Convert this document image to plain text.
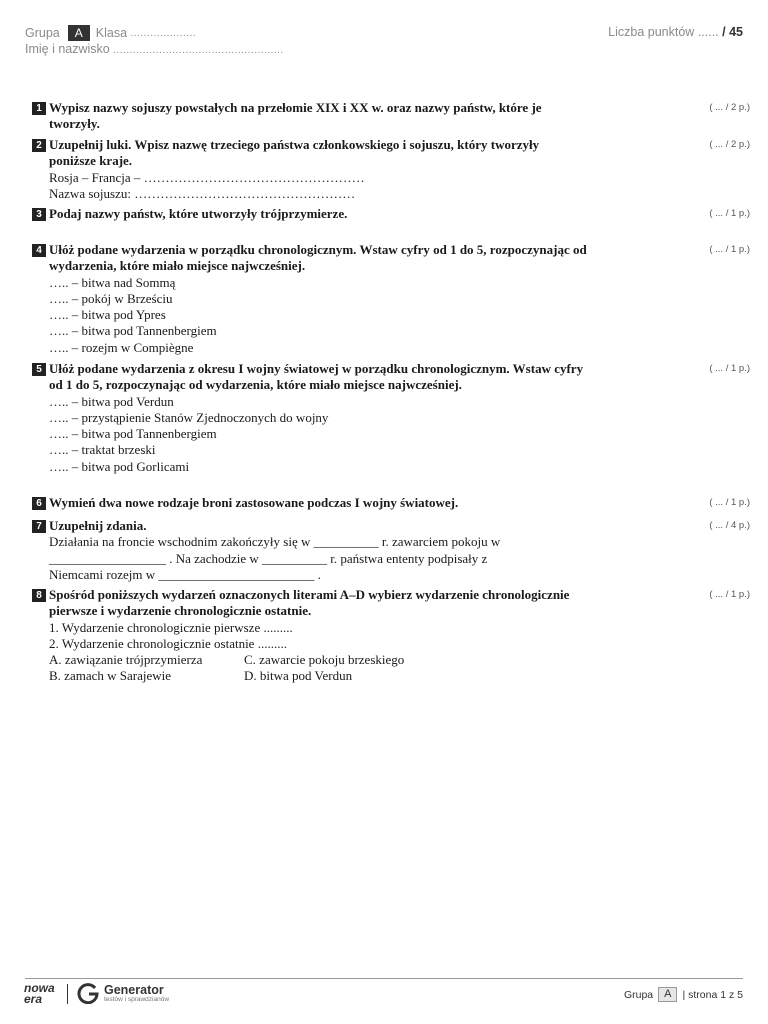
Grupa	A	Klasa
....................
Imię i nazwisko ....................................................
Liczba punktów ...... / 45
1 Wypisz nazwy sojuszy powstałych na przełomie XIX i XX w. oraz nazwy państw, które je tworzyły.
( ... / 2 p.)
2 Uzupełnij luki. Wpisz nazwę trzeciego państwa członkowskiego i sojuszu, który tworzyły poniższe kraje.
Rosja – Francja – ……………………………………………
Nazwa sojuszu: ……………………………………………
( ... / 2 p.)
3 Podaj nazwy państw, które utworzyły trójprzymierze.	( ... / 1 p.)
4 Ułóż podane wydarzenia w porządku chronologicznym. Wstaw cyfry od 1 do 5, rozpoczynając od wydarzenia, które miało miejsce najwcześniej.
….. – bitwa nad Sommą
….. – pokój w Brześciu
….. – bitwa pod Ypres
….. – bitwa pod Tannenbergiem
….. – rozejm w Compiègne
( ... / 1 p.)
5 Ułóż podane wydarzenia z okresu I wojny światowej w porządku chronologicznym. Wstaw cyfry od 1 do 5, rozpoczynając od wydarzenia, które miało miejsce najwcześniej.
….. – bitwa pod Verdun
….. – przystąpienie Stanów Zjednoczonych do wojny
….. – bitwa pod Tannenbergiem
….. – traktat brzeski
….. – bitwa pod Gorlicami
( ... / 1 p.)
6 Wymień dwa nowe rodzaje broni zastosowane podczas I wojny światowej.	( ... / 1 p.)
7 Uzupełnij zdania.
Działania na froncie wschodnim zakończyły się w __________ r. zawarciem pokoju w
__________________ . Na zachodzie w __________ r. państwa ententy podpisały z
Niemcami rozejm w ________________________ .
( ... / 4 p.)
8 Spośród poniższych wydarzeń oznaczonych literami A–D wybierz wydarzenie chronologicznie pierwsze i wydarzenie chronologicznie ostatnie.
1. Wydarzenie chronologicznie pierwsze .........
2. Wydarzenie chronologicznie ostatnie .........
A. zawiązanie trójprzymierza	C. zawarcie pokoju brzeskiego
B. zamach w Sarajewie	D. bitwa pod Verdun
( ... / 1 p.)
nowa
era
Generator
testów i sprawdzianów	Grupa	A	| strona 1 z 5
